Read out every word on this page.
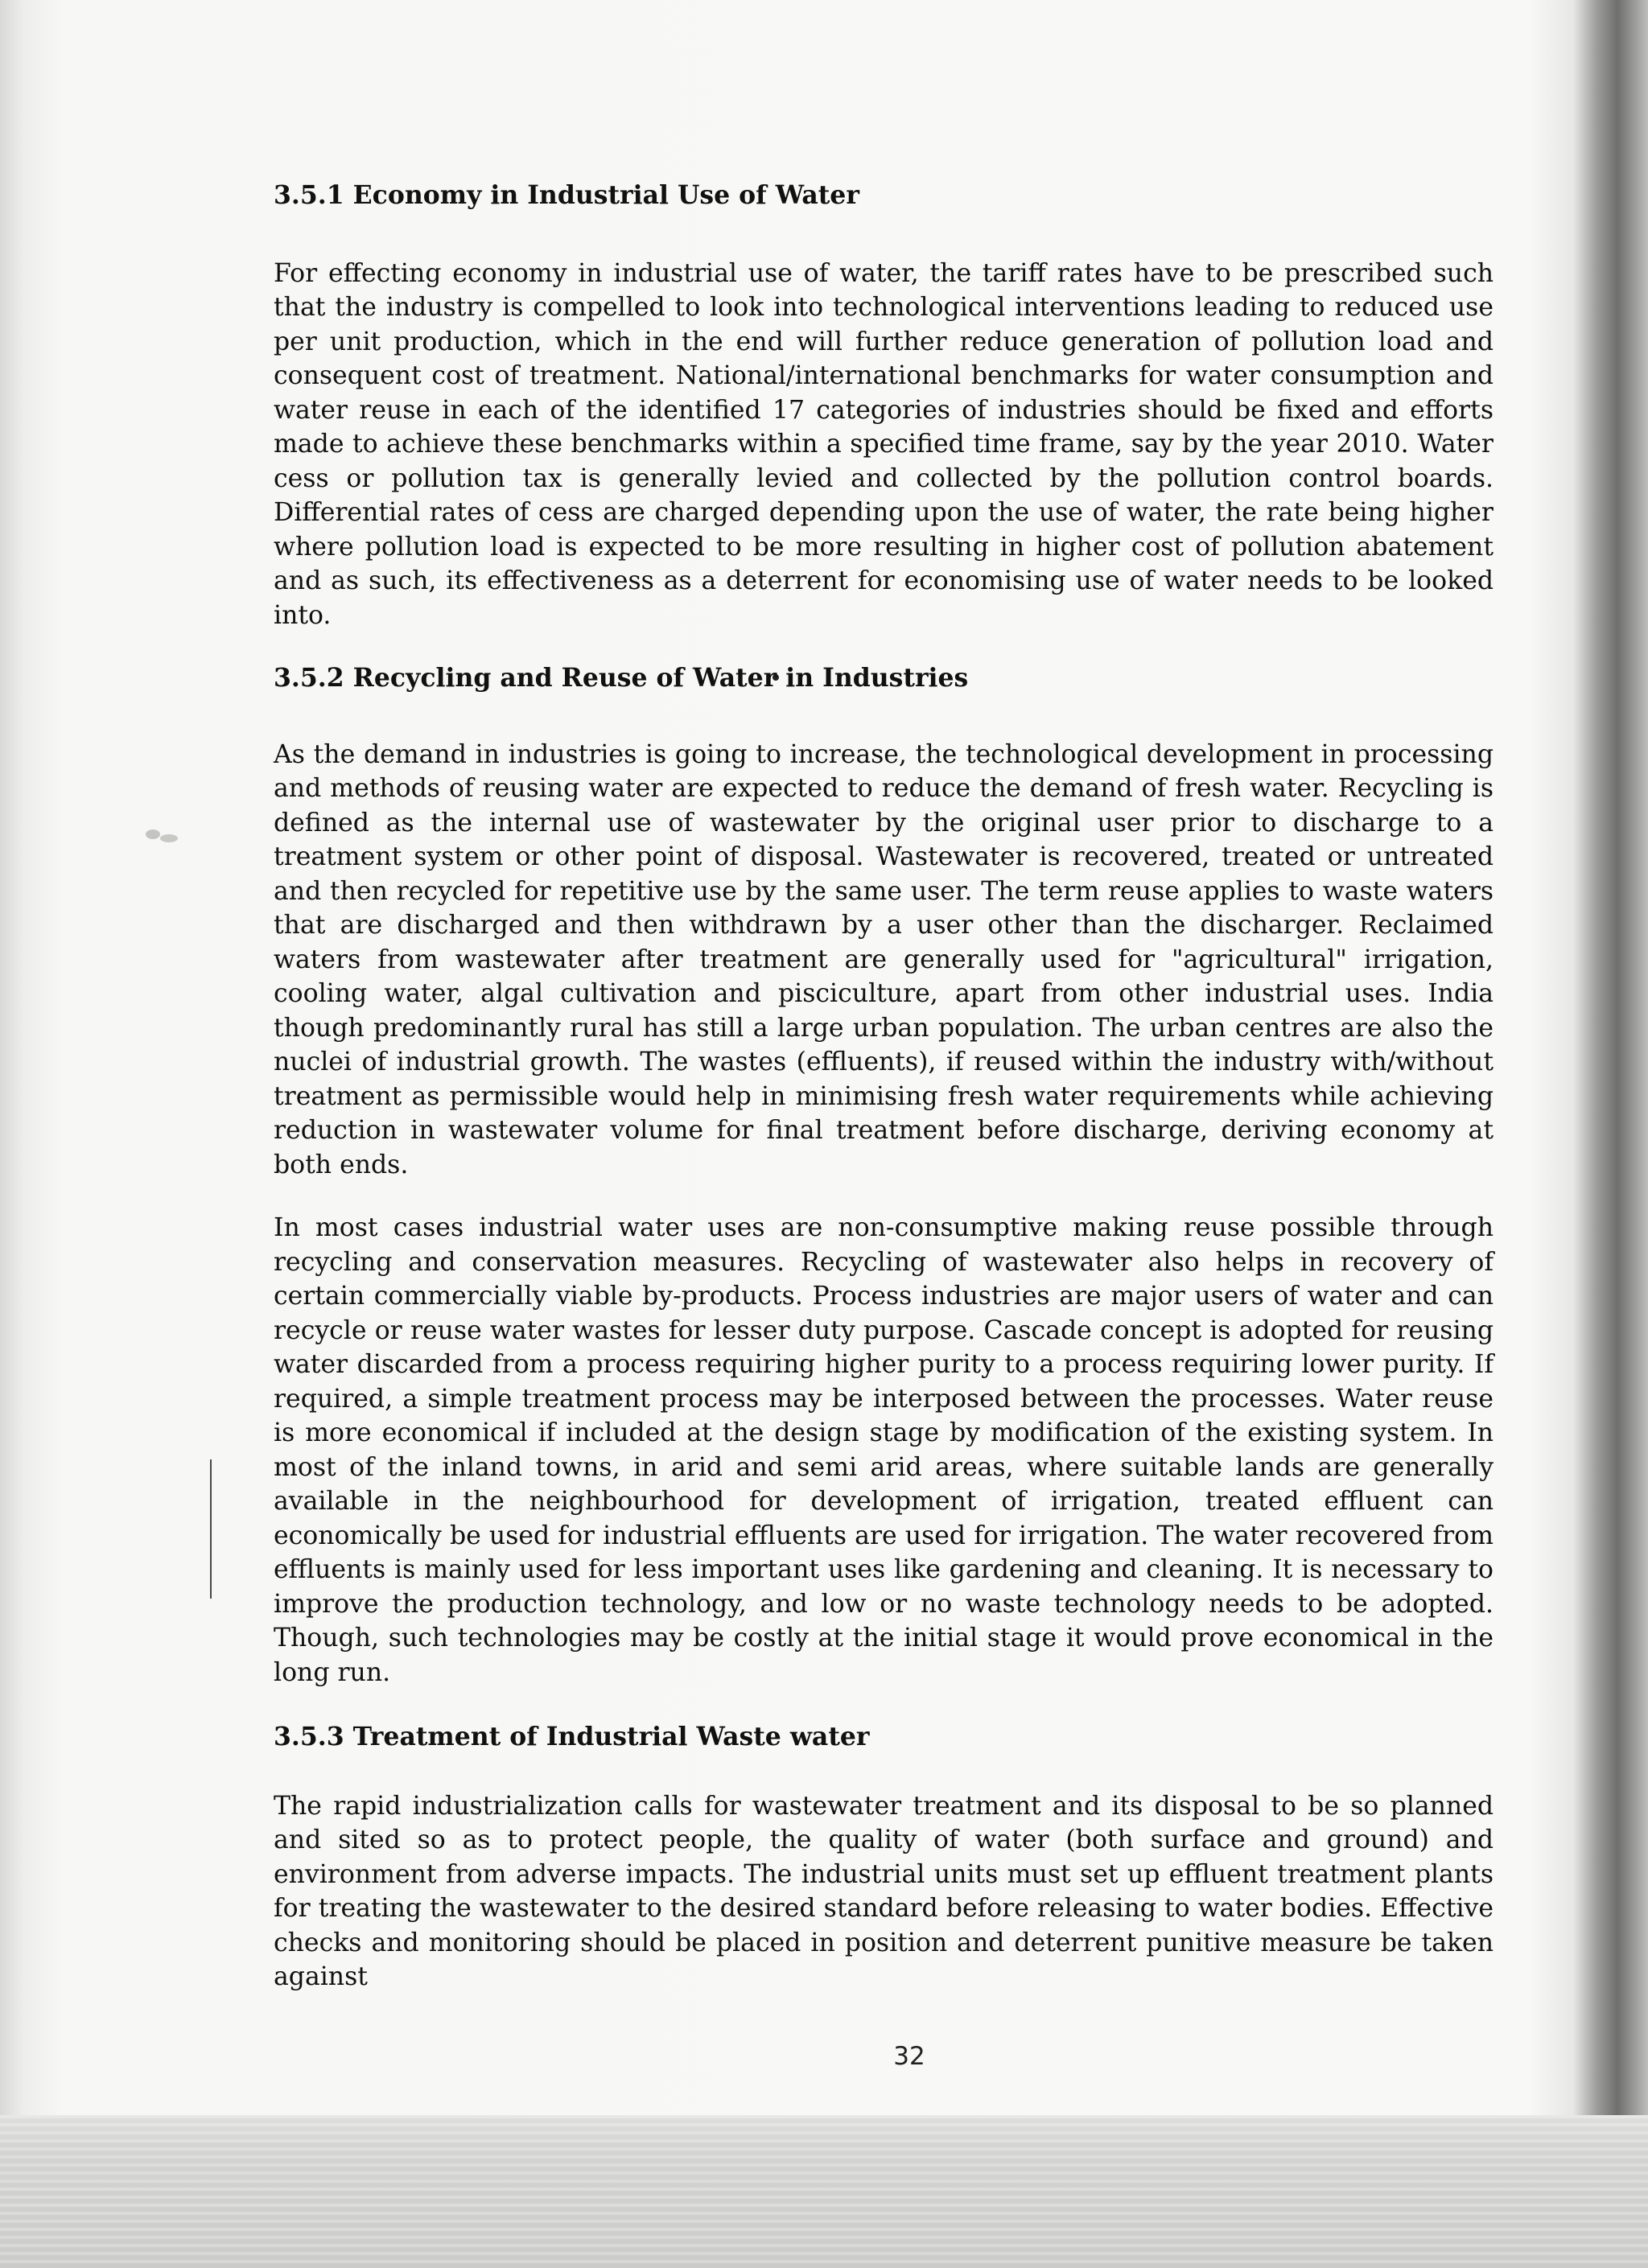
3.5.1 Economy in Industrial Use of Water

For effecting economy in industrial use of water, the tariff rates have to be prescribed such that the industry is compelled to look into technological interventions leading to reduced use per unit production, which in the end will further reduce generation of pollution load and consequent cost of treatment. National/international benchmarks for water consumption and water reuse in each of the identified 17 categories of industries should be fixed and efforts made to achieve these benchmarks within a specified time frame, say by the year 2010. Water cess or pollution tax is generally levied and collected by the pollution control boards. Differential rates of cess are charged depending upon the use of water, the rate being higher where pollution load is expected to be more resulting in higher cost of pollution abatement and as such, its effectiveness as a deterrent for economising use of water needs to be looked into.

3.5.2 Recycling and Reuse of Water in Industries

As the demand in industries is going to increase, the technological development in processing and methods of reusing water are expected to reduce the demand of fresh water. Recycling is defined as the internal use of wastewater by the original user prior to discharge to a treatment system or other point of disposal. Wastewater is recovered, treated or untreated and then recycled for repetitive use by the same user. The term reuse applies to waste waters that are discharged and then withdrawn by a user other than the discharger. Reclaimed waters from wastewater after treatment are generally used for "agricultural" irrigation, cooling water, algal cultivation and pisciculture, apart from other industrial uses. India though predominantly rural has still a large urban population. The urban centres are also the nuclei of industrial growth. The wastes (effluents), if reused within the industry with/without treatment as permissible would help in minimising fresh water requirements while achieving reduction in wastewater volume for final treatment before discharge, deriving economy at both ends.

In most cases industrial water uses are non-consumptive making reuse possible through recycling and conservation measures. Recycling of wastewater also helps in recovery of certain commercially viable by-products. Process industries are major users of water and can recycle or reuse water wastes for lesser duty purpose. Cascade concept is adopted for reusing water discarded from a process requiring higher purity to a process requiring lower purity. If required, a simple treatment process may be interposed between the processes. Water reuse is more economical if included at the design stage by modification of the existing system. In most of the inland towns, in arid and semi arid areas, where suitable lands are generally available in the neighbourhood for development of irrigation, treated effluent can economically be used for industrial effluents are used for irrigation. The water recovered from effluents is mainly used for less important uses like gardening and cleaning. It is necessary to improve the production technology, and low or no waste technology needs to be adopted. Though, such technologies may be costly at the initial stage it would prove economical in the long run.

3.5.3 Treatment of Industrial Waste water

The rapid industrialization calls for wastewater treatment and its disposal to be so planned and sited so as to protect people, the quality of water (both surface and ground) and environment from adverse impacts. The industrial units must set up effluent treatment plants for treating the wastewater to the desired standard before releasing to water bodies. Effective checks and monitoring should be placed in position and deterrent punitive measure be taken against

32
